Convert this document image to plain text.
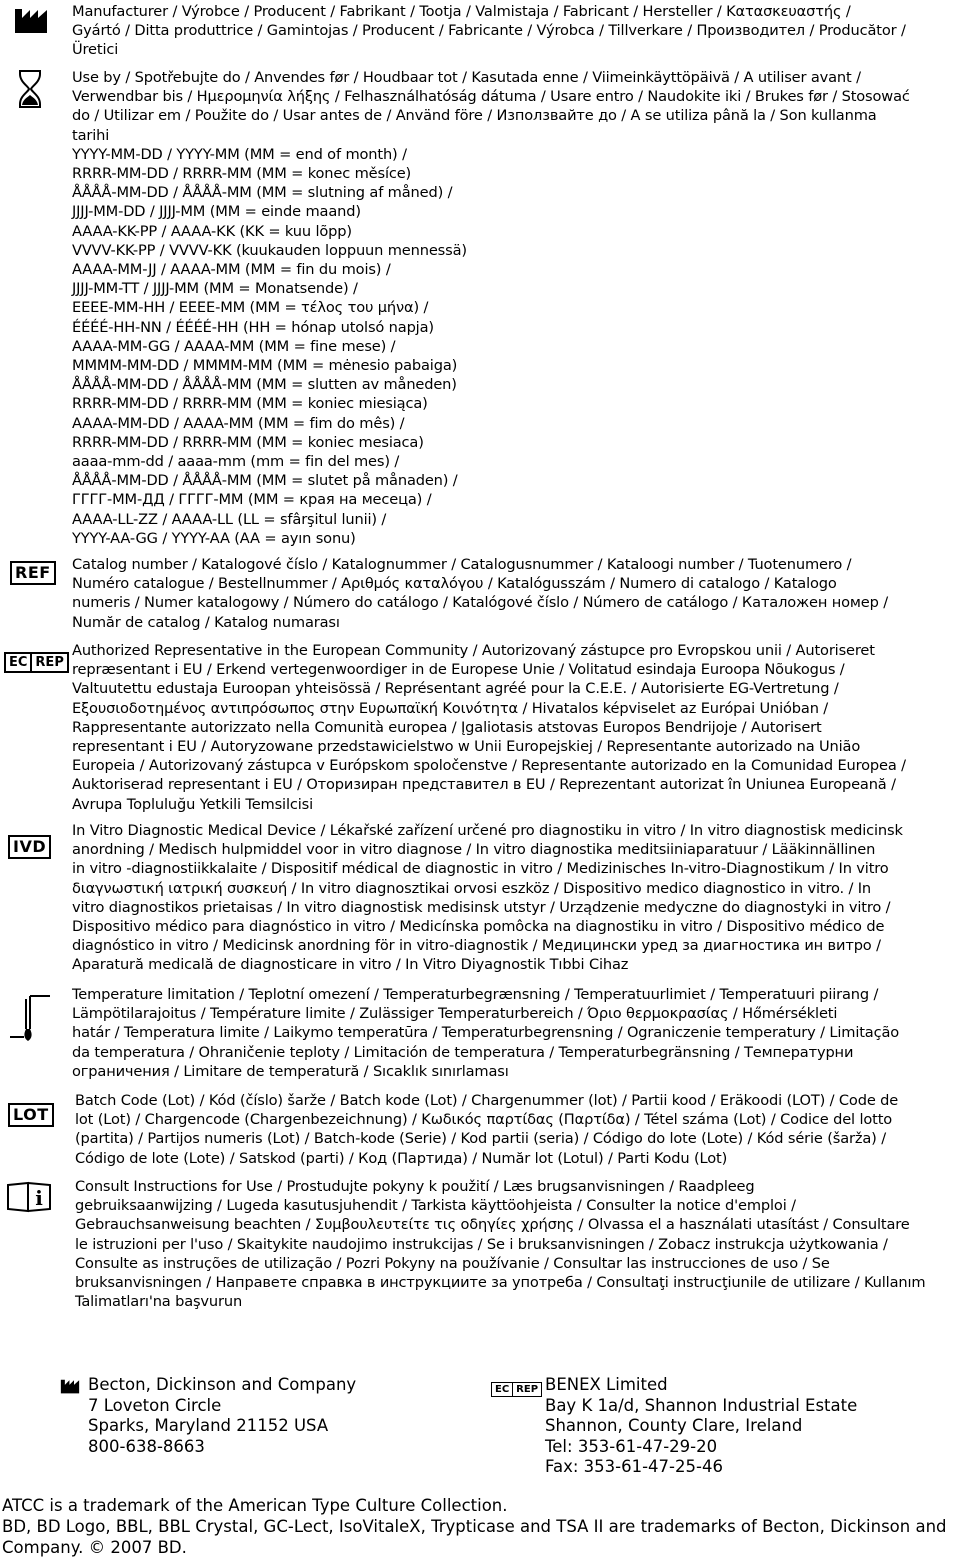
Manufacturer / Výrobce / Producent / Fabrikant / Tootja / Valmistaja / Fabricant / Hersteller / Κατασκευαστής /
Gyártó / Ditta produttrice / Gamintojas / Producent / Fabricante / Výrobca / Tillverkare / Производител / Producător /
Üretici
Use by / Spotřebujte do / Anvendes før / Houdbaar tot / Kasutada enne / Viimeinkäyttöpäivä / A utiliser avant /
Verwendbar bis / Ημερομηνία λήξης / Felhasználhatóság dátuma / Usare entro / Naudokite iki / Brukes før / Stosować
do / Utilizar em / Použite do / Usar antes de / Använd före / Използвайте до / A se utiliza până la / Son kullanma
tarihi
YYYY-MM-DD / YYYY-MM (MM = end of month) /
RRRR-MM-DD / RRRR-MM (MM = konec měsíce)
ÅÅÅÅ-MM-DD / ÅÅÅÅ-MM (MM = slutning af måned) /
JJJJ-MM-DD / JJJJ-MM (MM = einde maand)
AAAA-KK-PP / AAAA-KK (KK = kuu lõpp)
VVVV-KK-PP / VVVV-KK (kuukauden loppuun mennessä)
AAAA-MM-JJ / AAAA-MM (MM = fin du mois) /
JJJJ-MM-TT / JJJJ-MM (MM = Monatsende) /
EEEE-MM-HH / EEEE-MM (MM = τέλος του μήνα) /
ÉÉÉÉ-HH-NN / ÉÉÉÉ-HH (HH = hónap utolsó napja)
AAAA-MM-GG / AAAA-MM (MM = fine mese) /
MMMM-MM-DD / MMMM-MM (MM = mėnesio pabaiga)
ÅÅÅÅ-MM-DD / ÅÅÅÅ-MM (MM = slutten av måneden)
RRRR-MM-DD / RRRR-MM (MM = koniec miesiąca)
AAAA-MM-DD / AAAA-MM (MM = fim do mês) /
RRRR-MM-DD / RRRR-MM (MM = koniec mesiaca)
aaaa-mm-dd / aaaa-mm (mm = fin del mes) /
ÅÅÅÅ-MM-DD / ÅÅÅÅ-MM (MM = slutet på månaden) /
ГГГГ-ММ-ДД / ГГГГ-ММ (ММ = края на месеца) /
AAAA-LL-ZZ / AAAA-LL (LL = sfârşitul lunii) /
YYYY-AA-GG / YYYY-AA (AA = ayın sonu)
REF	Catalog number / Katalogové číslo / Katalognummer / Catalogusnummer / Kataloogi number / Tuotenumero /
Numéro catalogue / Bestellnummer / Αριθμός καταλόγου / Katalógusszám / Numero di catalogo / Katalogo
numeris / Numer katalogowy / Número do catálogo / Katalógové číslo / Número de catálogo / Каталожен номер /
Număr de catalog / Katalog numarası
EC REP
Authorized Representative in the European Community / Autorizovaný zástupce pro Evropskou unii / Autoriseret
repræsentant i EU / Erkend vertegenwoordiger in de Europese Unie / Volitatud esindaja Euroopa Nõukogus /
Valtuutettu edustaja Euroopan yhteisössä / Représentant agréé pour la C.E.E. / Autorisierte EG-Vertretung /
Εξουσιοδοτημένος αντιπρόσωπος στην Ευρωπαϊκή Κοινότητα / Hivatalos képviselet az Európai Unióban /
Rappresentante autorizzato nella Comunità europea / Įgaliotasis atstovas Europos Bendrijoje / Autorisert
representant i EU / Autoryzowane przedstawicielstwo w Unii Europejskiej / Representante autorizado na União
Europeia / Autorizovaný zástupca v Európskom spoločenstve / Representante autorizado en la Comunidad Europea /
Auktoriserad representant i EU / Оторизиран представител в ЕU / Reprezentant autorizat în Uniunea Europeană /
Avrupa Topluluğu Yetkili Temsilcisi
IVD
In Vitro Diagnostic Medical Device / Lékařské zařízení určené pro diagnostiku in vitro / In vitro diagnostisk medicinsk
anordning / Medisch hulpmiddel voor in vitro diagnose / In vitro diagnostika meditsiiniaparatuur / Lääkinnällinen
in vitro -diagnostiikkalaite / Dispositif médical de diagnostic in vitro / Medizinisches In-vitro-Diagnostikum / In vitro
διαγνωστική ιατρική συσκευή / In vitro diagnosztikai orvosi eszköz / Dispositivo medico diagnostico in vitro. / In
vitro diagnostikos prietaisas / In vitro diagnostisk medisinsk utstyr / Urządzenie medyczne do diagnostyki in vitro /
Dispositivo médico para diagnóstico in vitro / Medicínska pomôcka na diagnostiku in vitro / Dispositivo médico de
diagnóstico in vitro / Medicinsk anordning för in vitro-diagnostik / Медицински уред за диагностика ин витро /
Aparatură medicală de diagnosticare in vitro / In Vitro Diyagnostik Tıbbi Cihaz
Temperature limitation / Teplotní omezení / Temperaturbegrænsning / Temperatuurlimiet / Temperatuuri piirang /
Lämpötilarajoitus / Température limite / Zulässiger Temperaturbereich / Όριο θερμοκρασίας / Hőmérsékleti
határ / Temperatura limite / Laikymo temperatūra / Temperaturbegrensning / Ograniczenie temperatury / Limitação
da temperatura / Ohraničenie teploty / Limitación de temperatura / Temperaturbegränsning / Температурни
ограничения / Limitare de temperatură / Sıcaklık sınırlaması
LOT
Batch Code (Lot) / Kód (číslo) šarže / Batch kode (Lot) / Chargenummer (lot) / Partii kood / Eräkoodi (LOT) / Code de
lot (Lot) / Chargencode (Chargenbezeichnung) / Κωδικός παρτίδας (Παρτίδα) / Tétel száma (Lot) / Codice del lotto
(partita) / Partijos numeris (Lot) / Batch-kode (Serie) / Kod partii (seria) / Código do lote (Lote) / Kód série (šarža) /
Código de lote (Lote) / Satskod (parti) / Код (Партида) / Număr lot (Lotul) / Parti Kodu (Lot)
i Consult Instructions for Use / Prostudujte pokyny k použití / Læs brugsanvisningen / Raadpleeg
gebruiksaanwijzing / Lugeda kasutusjuhendit / Tarkista käyttöohjeista / Consulter la notice d'emploi /
Gebrauchsanweisung beachten / Συμβουλευτείτε τις οδηγίες χρήσης / Olvassa el a használati utasítást / Consultare
le istruzioni per l'uso / Skaitykite naudojimo instrukcijas / Se i bruksanvisningen / Zobacz instrukcja użytkowania /
Consulte as instruções de utilização / Pozri Pokyny na používanie / Consultar las instrucciones de uso / Se
bruksanvisningen / Направете справка в инструкциите за употреба / Consultaţi instrucţiunile de utilizare / Kullanım
Talimatları'na başvurun
Becton, Dickinson and Company
7 Loveton Circle
Sparks, Maryland 21152 USA
800-638-8663
EC REP BENEX Limited
Bay K 1a/d, Shannon Industrial Estate
Shannon, County Clare, Ireland
Tel: 353-61-47-29-20
Fax: 353-61-47-25-46
ATCC is a trademark of the American Type Culture Collection.
BD, BD Logo, BBL, BBL Crystal, GC-Lect, IsoVitaleX, Trypticase and TSA II are trademarks of Becton, Dickinson and
Company. © 2007 BD.
